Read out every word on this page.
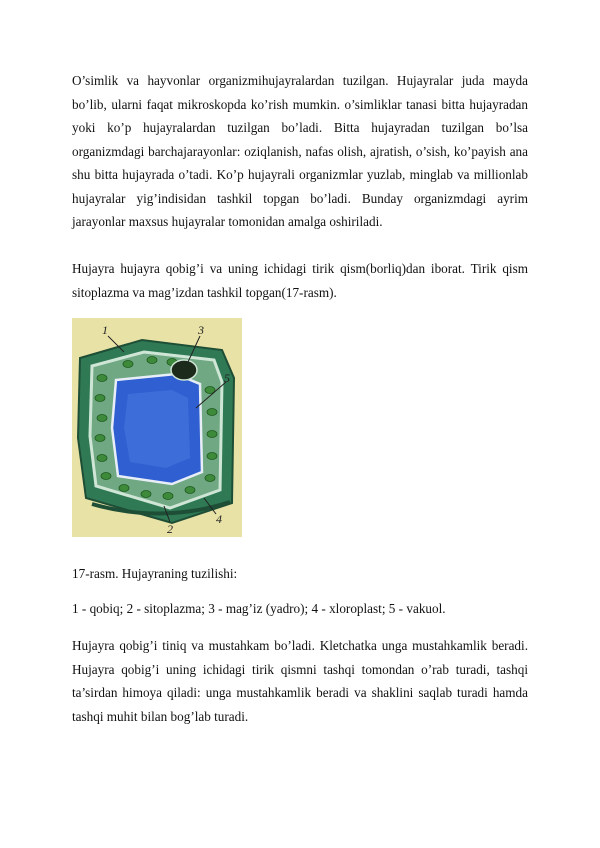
O’simlik va hayvonlar organizmihujayralardan tuzilgan. Hujayralar juda mayda bo’lib, ularni faqat mikroskopda ko’rish mumkin. o’simliklar tanasi bitta hujayradan yoki ko’p hujayralardan tuzilgan bo’ladi. Bitta hujayradan tuzilgan bo’lsa organizmdagi barchajarayonlar: oziqlanish, nafas olish, ajratish, o’sish, ko’payish ana shu bitta hujayrada o’tadi. Ko’p hujayrali organizmlar yuzlab, minglab va millionlab hujayralar yig’indisidan tashkil topgan bo’ladi. Bunday organizmdagi ayrim jarayonlar maxsus hujayralar tomonidan amalga oshiriladi.

Hujayra hujayra qobig’i va uning ichidagi tirik qism(borliq)dan iborat. Tirik qism sitoplazma va mag’izdan tashkil topgan(17-rasm).

1	3
5
4
2

17-rasm. Hujayraning tuzilishi:

1 - qobiq; 2 - sitoplazma; 3 - mag’iz (yadro); 4 - xloroplast; 5 - vakuol.

Hujayra qobig’i tiniq va mustahkam bo’ladi. Kletchatka unga mustahkamlik beradi. Hujayra qobig’i uning ichidagi tirik qismni tashqi tomondan o’rab turadi, tashqi ta’sirdan himoya qiladi: unga mustahkamlik beradi va shaklini saqlab turadi hamda tashqi muhit bilan bog’lab turadi.
